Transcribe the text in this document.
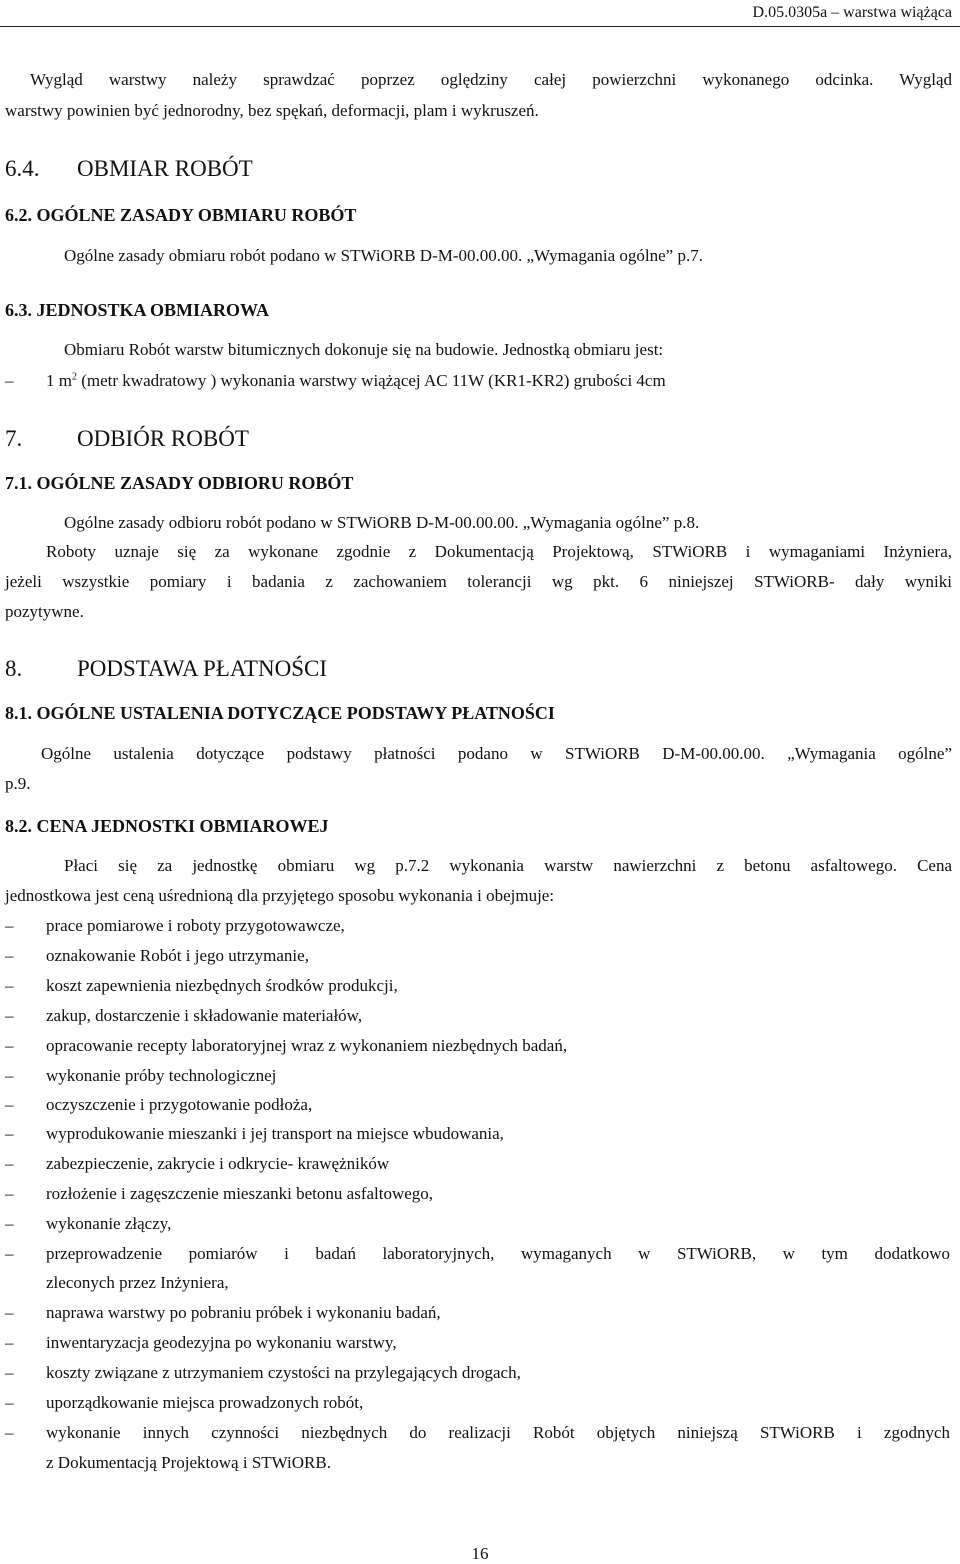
D.05.0305a – warstwa wiążąca
Wygląd warstwy należy sprawdzać poprzez oględziny całej powierzchni wykonanego odcinka. Wygląd
warstwy powinien być jednorodny, bez spękań, deformacji, plam i wykruszeń.
6.4. OBMIAR ROBÓT
6.2. OGÓLNE ZASADY OBMIARU ROBÓT
Ogólne zasady obmiaru robót podano w STWiORB D-M-00.00.00. „Wymagania ogólne” p.7.
6.3. JEDNOSTKA OBMIAROWA
Obmiaru Robót warstw bitumicznych dokonuje się na budowie. Jednostką obmiaru jest:
– 1 $m^2$ (metr kwadratowy ) wykonania warstwy wiążącej AC 11W (KR1-KR2) grubości 4cm
7. ODBIÓR ROBÓT
7.1. OGÓLNE ZASADY ODBIORU ROBÓT
Ogólne zasady odbioru robót podano w STWiORB D-M-00.00.00. „Wymagania ogólne” p.8.
Roboty uznaje się za wykonane zgodnie z Dokumentacją Projektową, STWiORB i wymaganiami Inżyniera,
jeżeli wszystkie pomiary i badania z zachowaniem tolerancji wg pkt. 6 niniejszej STWiORB- dały wyniki
pozytywne.
8. PODSTAWA PŁATNOŚCI
8.1. OGÓLNE USTALENIA DOTYCZĄCE PODSTAWY PŁATNOŚCI
Ogólne ustalenia dotyczące podstawy płatności podano w STWiORB D-M-00.00.00. „Wymagania ogólne”
p.9.
8.2. CENA JEDNOSTKI OBMIAROWEJ
Płaci się za jednostkę obmiaru wg p.7.2 wykonania warstw nawierzchni z betonu asfaltowego. Cena
jednostkowa jest ceną uśrednioną dla przyjętego sposobu wykonania i obejmuje:
– prace pomiarowe i roboty przygotowawcze,
– oznakowanie Robót i jego utrzymanie,
– koszt zapewnienia niezbędnych środków produkcji,
– zakup, dostarczenie i składowanie materiałów,
– opracowanie recepty laboratoryjnej wraz z wykonaniem niezbędnych badań,
– wykonanie próby technologicznej
– oczyszczenie i przygotowanie podłoża,
– wyprodukowanie mieszanki i jej transport na miejsce wbudowania,
– zabezpieczenie, zakrycie i odkrycie- krawężników
– rozłożenie i zagęszczenie mieszanki betonu asfaltowego,
– wykonanie złączy,
– przeprowadzenie pomiarów i badań laboratoryjnych, wymaganych w STWiORB, w tym dodatkowo
zleconych przez Inżyniera,
– naprawa warstwy po pobraniu próbek i wykonaniu badań,
– inwentaryzacja geodezyjna po wykonaniu warstwy,
– koszty związane z utrzymaniem czystości na przylegających drogach,
– uporządkowanie miejsca prowadzonych robót,
– wykonanie innych czynności niezbędnych do realizacji Robót objętych niniejszą STWiORB i zgodnych
z Dokumentacją Projektową i STWiORB.
16
